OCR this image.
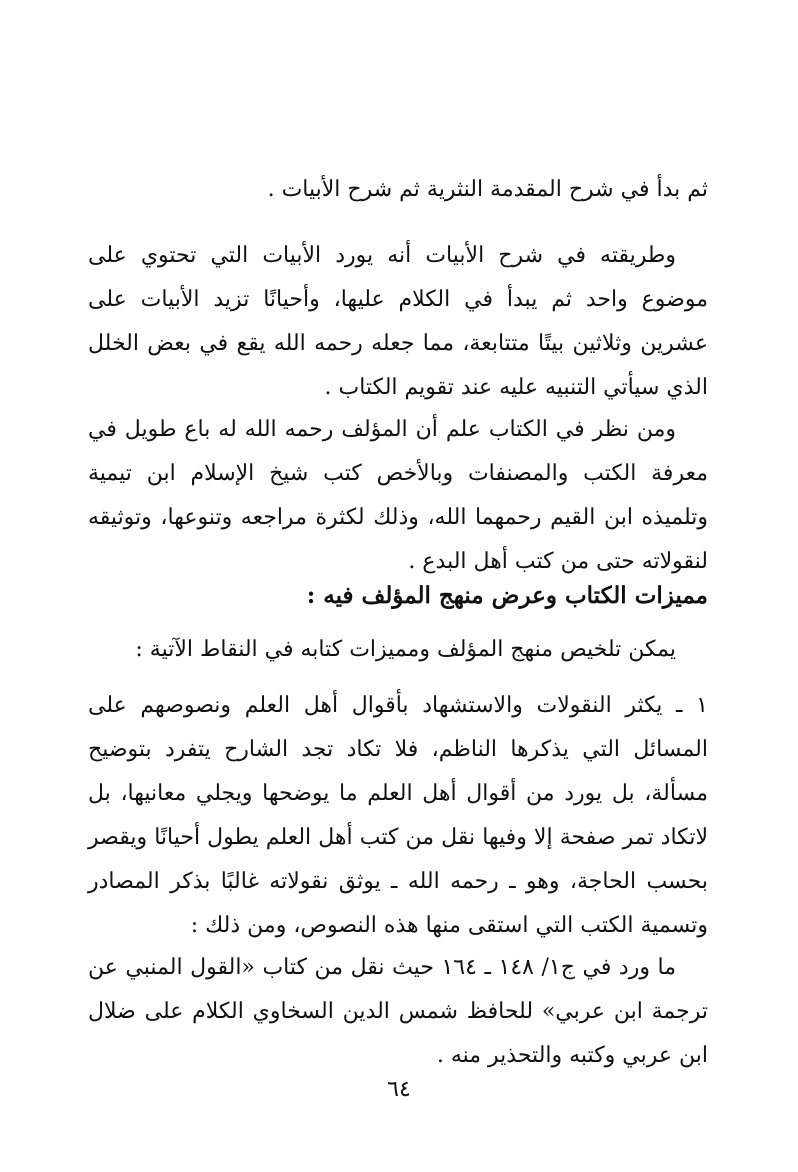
ثم بدأ في شرح المقدمة النثرية ثم شرح الأبيات .

وطريقته في شرح الأبيات أنه يورد الأبيات التي تحتوي على موضوع واحد ثم يبدأ في الكلام عليها، وأحيانًا تزيد الأبيات على عشرين وثلاثين بيتًا متتابعة، مما جعله رحمه الله يقع في بعض الخلل الذي سيأتي التنبيه عليه عند تقويم الكتاب .

ومن نظر في الكتاب علم أن المؤلف رحمه الله له باع طويل في معرفة الكتب والمصنفات وبالأخص كتب شيخ الإسلام ابن تيمية وتلميذه ابن القيم رحمهما الله، وذلك لكثرة مراجعه وتنوعها، وتوثيقه لنقولاته حتى من كتب أهل البدع .

مميزات الكتاب وعرض منهج المؤلف فيه :

يمكن تلخيص منهج المؤلف ومميزات كتابه في النقاط الآتية :

١ ـ يكثر النقولات والاستشهاد بأقوال أهل العلم ونصوصهم على المسائل التي يذكرها الناظم، فلا تكاد تجد الشارح يتفرد بتوضيح مسألة، بل يورد من أقوال أهل العلم ما يوضحها ويجلي معانيها، بل لاتكاد تمر صفحة إلا وفيها نقل من كتب أهل العلم يطول أحيانًا ويقصر بحسب الحاجة، وهو ـ رحمه الله ـ يوثق نقولاته غالبًا بذكر المصادر وتسمية الكتب التي استقى منها هذه النصوص، ومن ذلك :

ما ورد في ج١/ ١٤٨ ـ ١٦٤ حيث نقل من كتاب «القول المنبي عن ترجمة ابن عربي» للحافظ شمس الدين السخاوي الكلام على ضلال ابن عربي وكتبه والتحذير منه .

٦٤
